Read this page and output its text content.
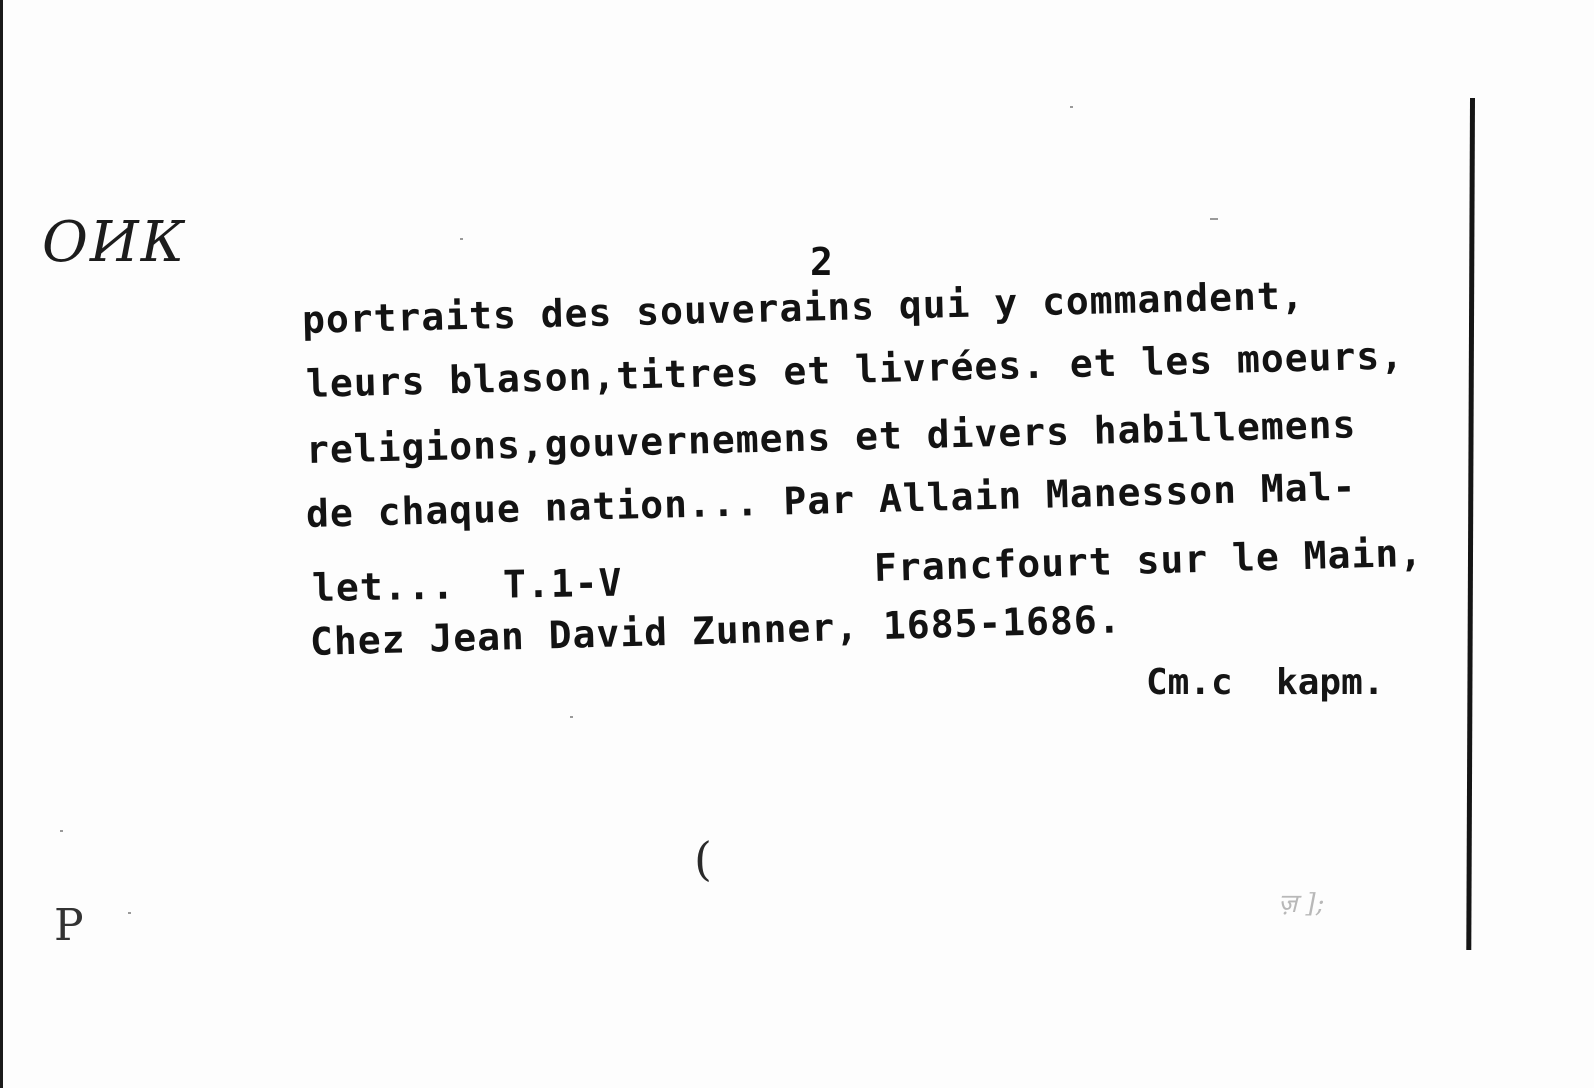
ОИК
P
(
ज़ ];
2
portraits des souverains qui y commandent,
leurs blason,titres et livrées. et les moeurs,
religions,gouvernemens et divers habillemens
de chaque nation... Par Allain Manesson Mal-
let...  T.1-V	Francfourt sur le Main,
Chez Jean David Zunner, 1685-1686.
Cm.c  kapm.
